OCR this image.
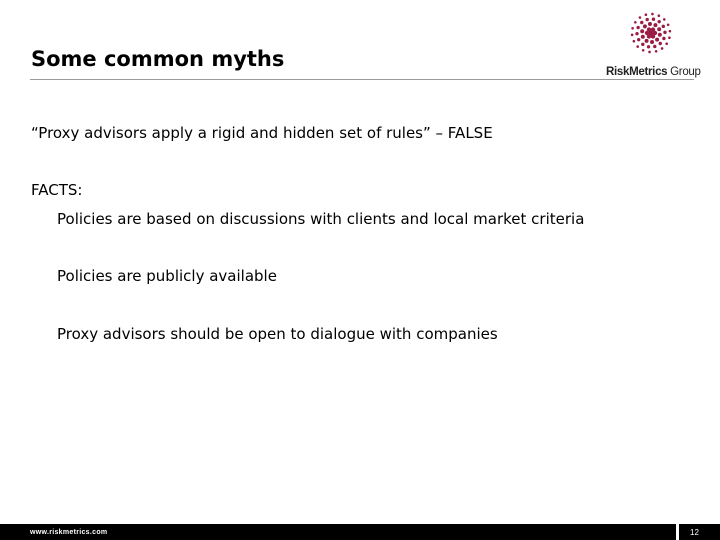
Some common myths
RiskMetrics Group
“Proxy advisors apply a rigid and hidden set of rules” – FALSE
FACTS:
Policies are based on discussions with clients and local market criteria
Policies are publicly available
Proxy advisors should be open to dialogue with companies
www.riskmetrics.com	12
